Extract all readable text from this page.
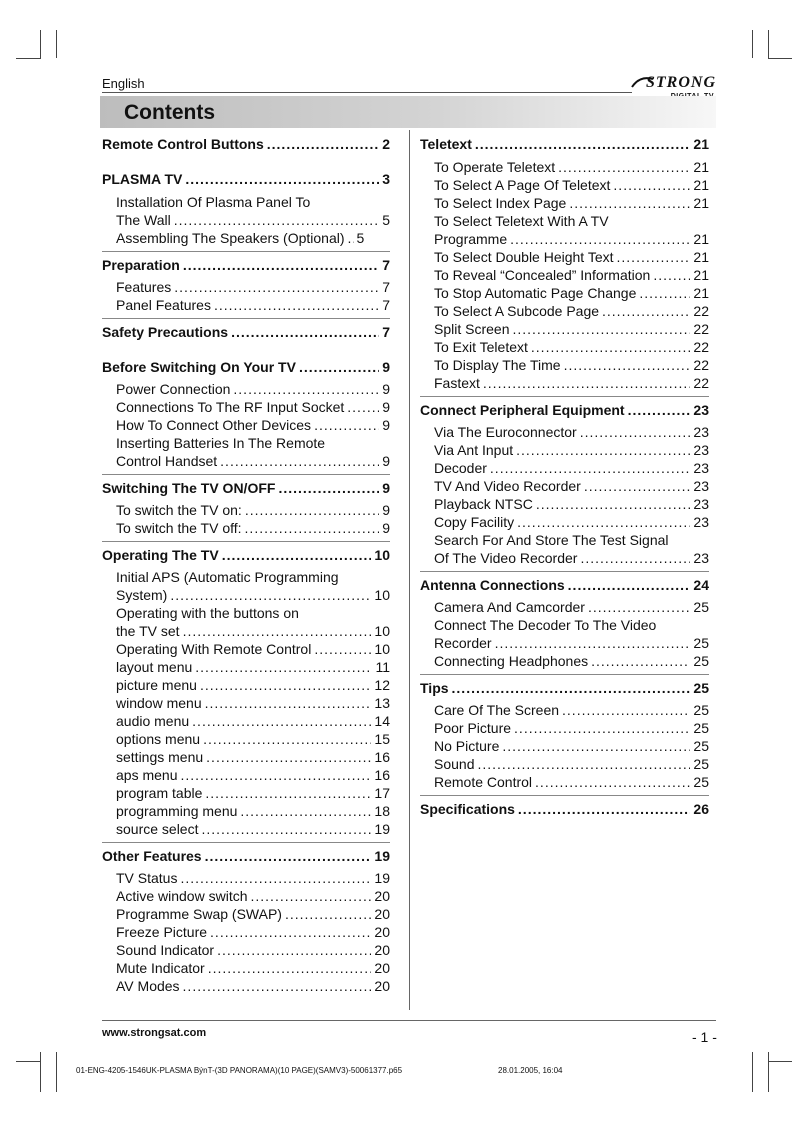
English	STRONG
Contents
Remote Control Buttons .....	2
PLASMA TV .....	3
Installation Of Plasma Panel To
The Wall .....	5
Assembling The Speakers (Optional) ..... 5
Preparation .....	7
Features .....	7
Panel Features .....	7
Safety Precautions .....	7
Before Switching On Your TV .....	9
Power Connection .....	9
Connections To The RF Input Socket .....	9
How To Connect Other Devices .....	9
Inserting Batteries In The Remote
Control Handset .....	9
Switching The TV ON/OFF .....	9
To switch the TV on: .....	9
To switch the TV off: .....	9
Operating The TV .....	10
Initial APS (Automatic Programming
System) .....	10
Operating with the buttons on
the TV set .....	10
Operating With Remote Control .....	10
layout menu .....	11
picture menu .....	12
window menu .....	13
audio menu .....	14
options menu .....	15
settings menu .....	16
aps menu .....	16
program table .....	17
programming menu .....	18
source select .....	19
Other Features .....	19
TV Status .....	19
Active window switch .....	20
Programme Swap (SWAP) .....	20
Freeze Picture .....	20
Sound Indicator .....	20
Mute Indicator .....	20
AV Modes .....	20
Teletext .....	21
To Operate Teletext .....	21
To Select A Page Of Teletext .....	21
To Select Index Page .....	21
To Select Teletext With A TV
Programme .....	21
To Select Double Height Text .....	21
To Reveal “Concealed” Information .....	21
To Stop Automatic Page Change .....	21
To Select A Subcode Page .....	22
Split Screen .....	22
To Exit Teletext .....	22
To Display The Time .....	22
Fastext .....	22
Connect Peripheral Equipment .....	23
Via The Euroconnector .....	23
Via Ant Input .....	23
Decoder .....	23
TV And Video Recorder .....	23
Playback NTSC .....	23
Copy Facility .....	23
Search For And Store The Test Signal
Of The Video Recorder .....	23
Antenna Connections .....	24
Camera And Camcorder .....	25
Connect The Decoder To The Video
Recorder .....	25
Connecting Headphones .....	25
Tips .....	25
Care Of The Screen .....	25
Poor Picture .....	25
No Picture .....	25
Sound .....	25
Remote Control .....	25
Specifications .....	26
www.strongsat.com	- 1 -
01-ENG-4205-1546UK-PLASMA BýnT-(3D PANORAMA)(10 PAGE)(SAMV3)-50061377.p65	28.01.2005, 16:04
